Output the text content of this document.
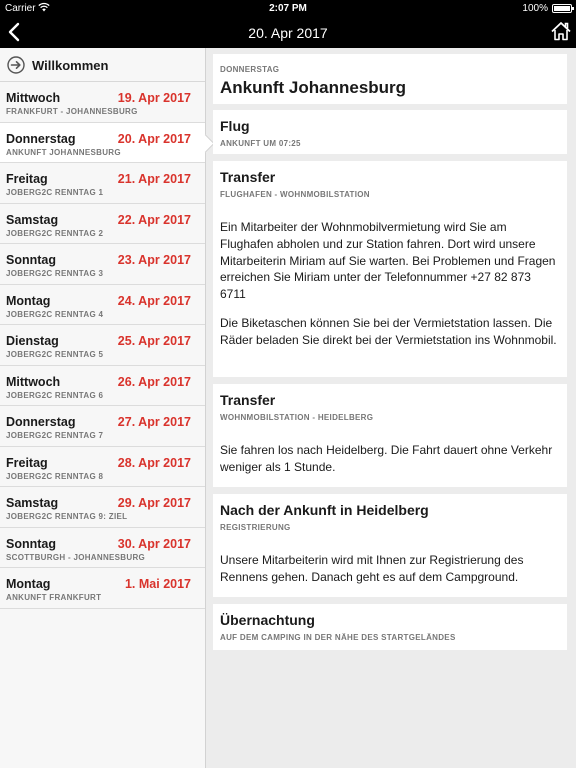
Carrier	2:07 PM	100%
20. Apr 2017
Willkommen
Mittwoch	19. Apr 2017
FRANKFURT - JOHANNESBURG
Donnerstag	20. Apr 2017
ANKUNFT JOHANNESBURG
Freitag	21. Apr 2017
JOBERG2C RENNTAG 1
Samstag	22. Apr 2017
JOBERG2C RENNTAG 2
Sonntag	23. Apr 2017
JOBERG2C RENNTAG 3
Montag	24. Apr 2017
JOBERG2C RENNTAG 4
Dienstag	25. Apr 2017
JOBERG2C RENNTAG 5
Mittwoch	26. Apr 2017
JOBERG2C RENNTAG 6
Donnerstag	27. Apr 2017
JOBERG2C RENNTAG 7
Freitag	28. Apr 2017
JOBERG2C RENNTAG 8
Samstag	29. Apr 2017
JOBERG2C RENNTAG 9: ZIEL
Sonntag	30. Apr 2017
SCOTTBURGH - JOHANNESBURG
Montag	1. Mai 2017
ANKUNFT FRANKFURT
DONNERSTAG
Ankunft Johannesburg
Flug
ANKUNFT UM 07:25
Transfer
FLUGHAFEN - WOHNMOBILSTATION
Ein Mitarbeiter der Wohnmobilvermietung wird Sie am Flughafen abholen und zur Station fahren. Dort wird unsere Mitarbeiterin Miriam auf Sie warten. Bei Problemen und Fragen erreichen Sie Miriam unter der Telefonnummer +27 82 873 6711
Die Biketaschen können Sie bei der Vermietstation lassen. Die Räder beladen Sie direkt bei der Vermietstation ins Wohnmobil.
Transfer
WOHNMOBILSTATION - HEIDELBERG
Sie fahren los nach Heidelberg. Die Fahrt dauert ohne Verkehr weniger als 1 Stunde.
Nach der Ankunft in Heidelberg
REGISTRIERUNG
Unsere Mitarbeiterin wird mit Ihnen zur Registrierung des Rennens gehen. Danach geht es auf dem Campground.
Übernachtung
AUF DEM CAMPING IN DER NÄHE DES STARTGELÄNDES
